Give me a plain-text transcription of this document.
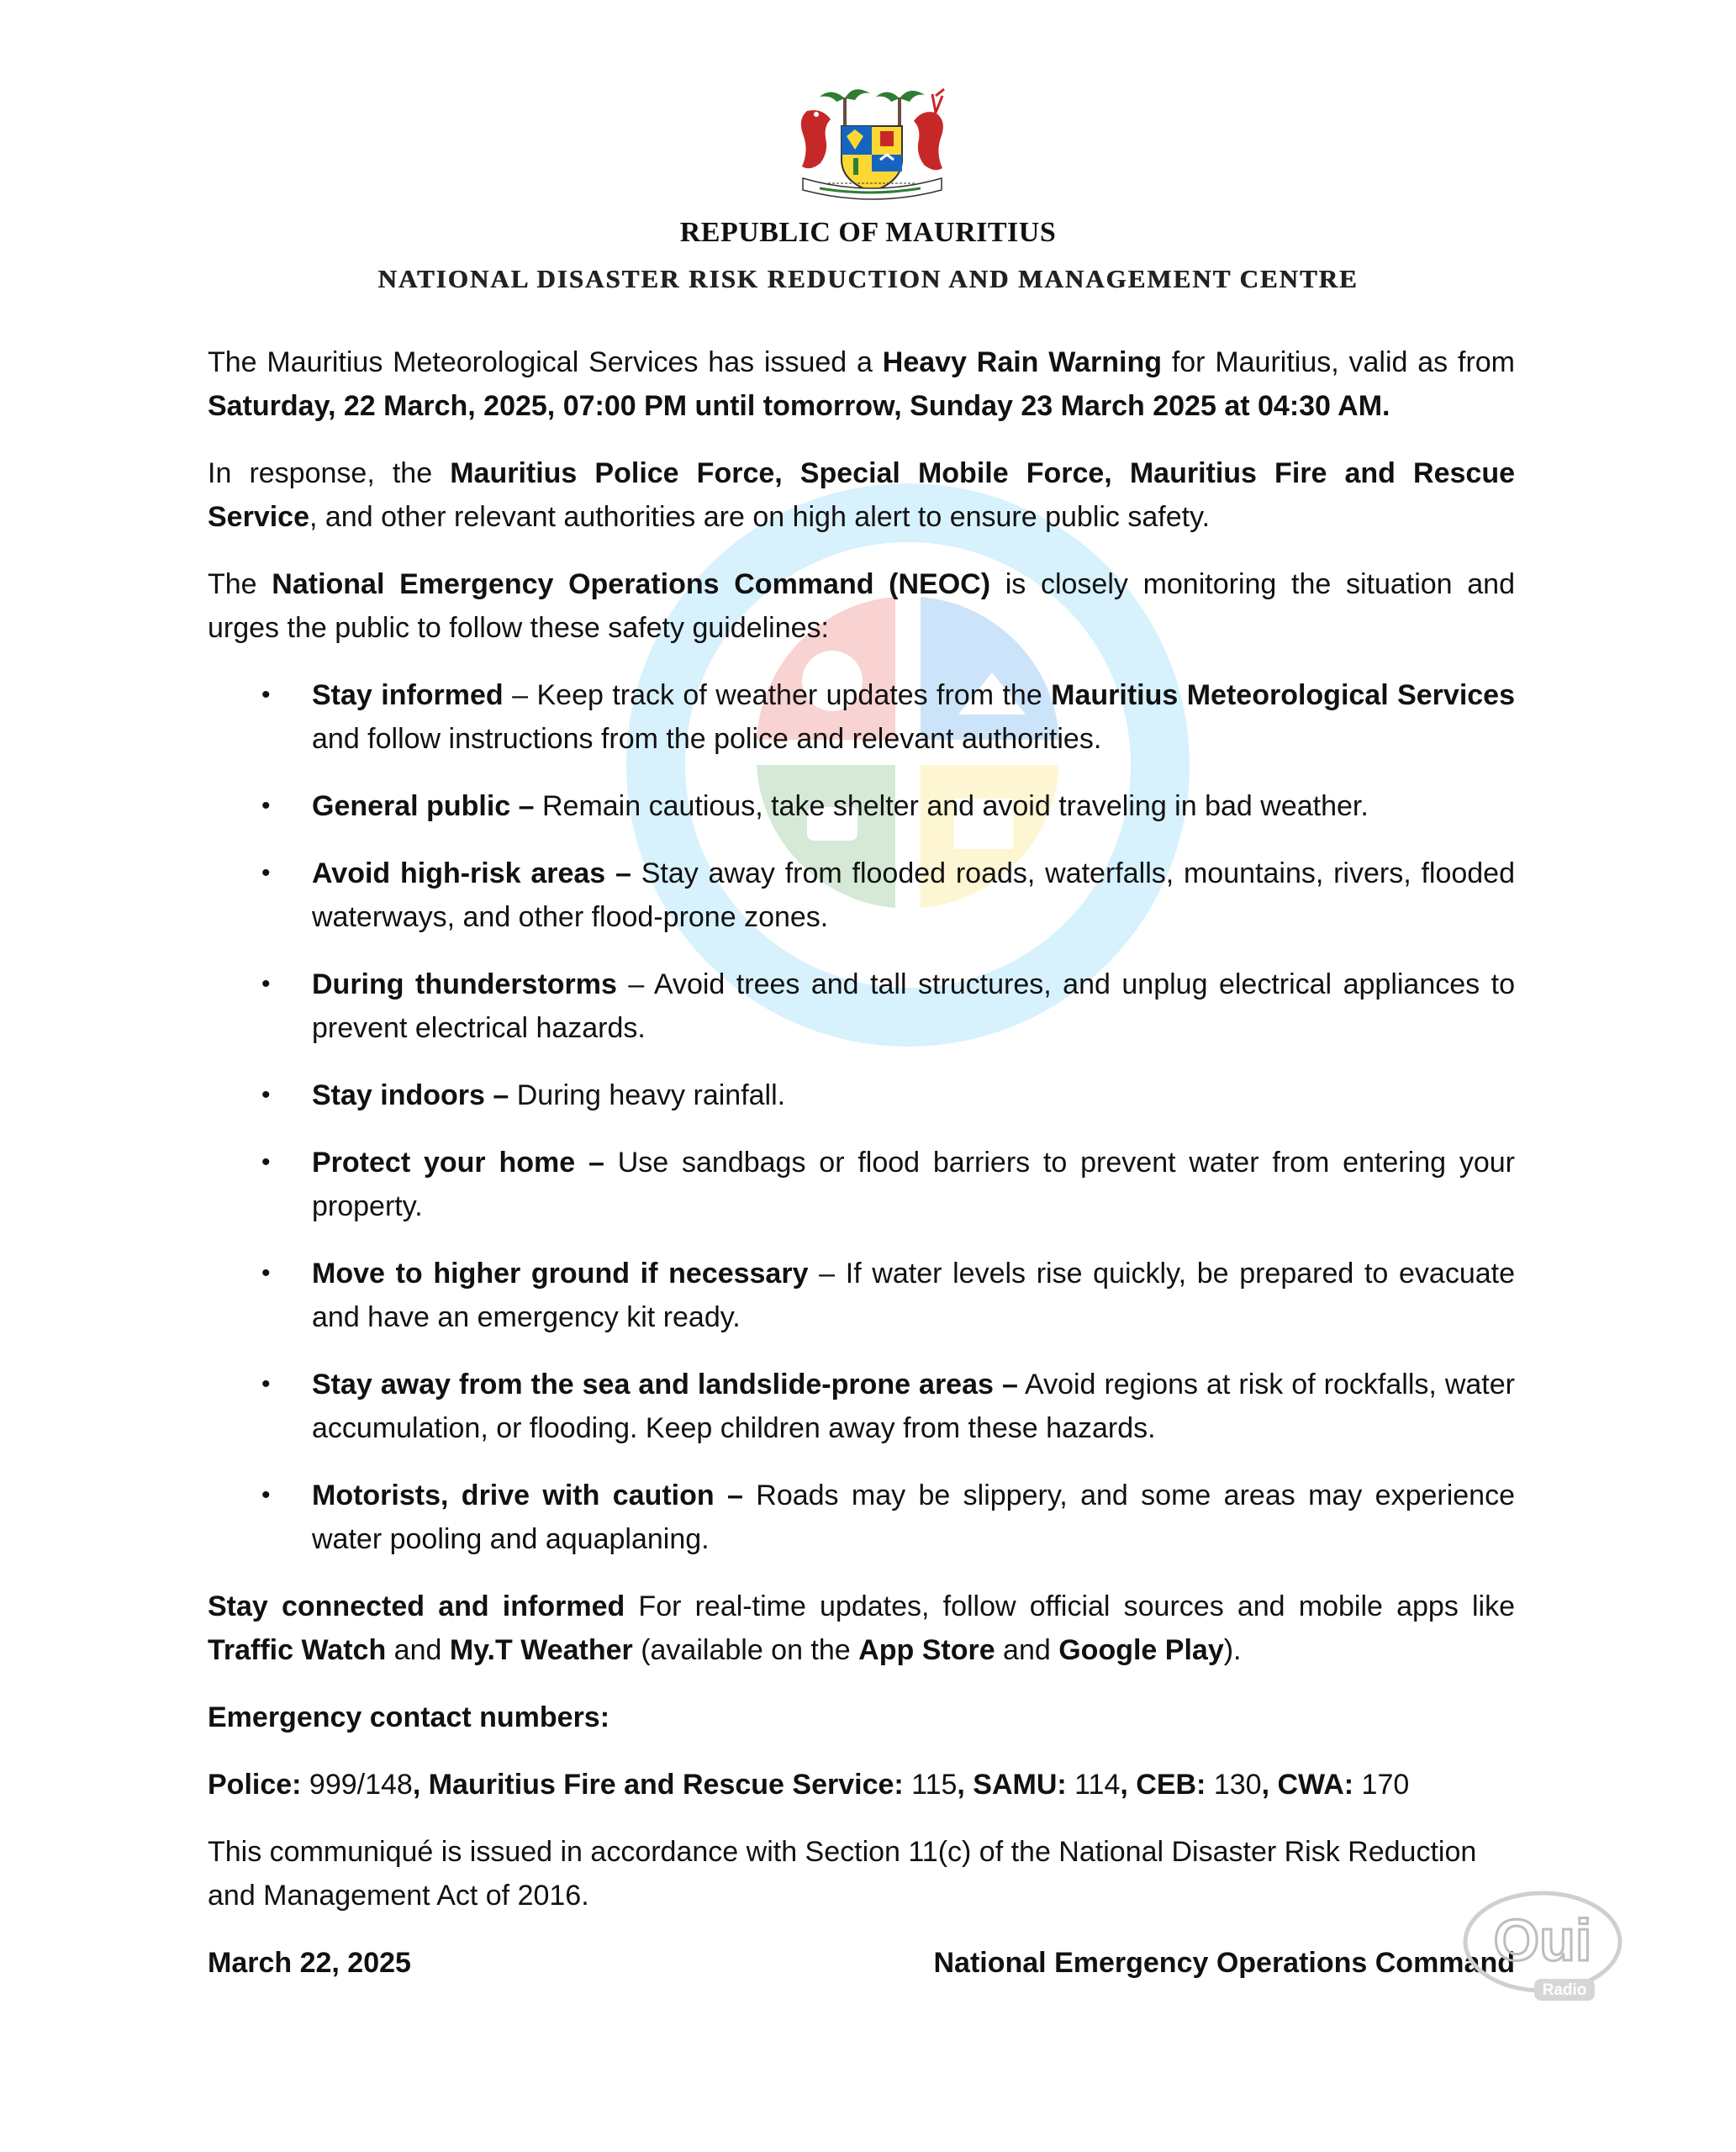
REPUBLIC OF MAURITIUS
NATIONAL DISASTER RISK REDUCTION AND MANAGEMENT CENTRE

The Mauritius Meteorological Services has issued a Heavy Rain Warning for Mauritius, valid as from Saturday, 22 March, 2025, 07:00 PM until tomorrow, Sunday 23 March 2025 at 04:30 AM.

In response, the Mauritius Police Force, Special Mobile Force, Mauritius Fire and Rescue Service, and other relevant authorities are on high alert to ensure public safety.

The National Emergency Operations Command (NEOC) is closely monitoring the situation and urges the public to follow these safety guidelines:

• Stay informed – Keep track of weather updates from the Mauritius Meteorological Services and follow instructions from the police and relevant authorities.
• General public – Remain cautious, take shelter and avoid traveling in bad weather.
• Avoid high-risk areas – Stay away from flooded roads, waterfalls, mountains, rivers, flooded waterways, and other flood-prone zones.
• During thunderstorms – Avoid trees and tall structures, and unplug electrical appliances to prevent electrical hazards.
• Stay indoors – During heavy rainfall.
• Protect your home – Use sandbags or flood barriers to prevent water from entering your property.
• Move to higher ground if necessary – If water levels rise quickly, be prepared to evacuate and have an emergency kit ready.
• Stay away from the sea and landslide-prone areas – Avoid regions at risk of rockfalls, water accumulation, or flooding. Keep children away from these hazards.
• Motorists, drive with caution – Roads may be slippery, and some areas may experience water pooling and aquaplaning.

Stay connected and informed For real-time updates, follow official sources and mobile apps like Traffic Watch and My.T Weather (available on the App Store and Google Play).

Emergency contact numbers:

Police: 999/148, Mauritius Fire and Rescue Service: 115, SAMU: 114, CEB: 130, CWA: 170

This communiqué is issued in accordance with Section 11(c) of the National Disaster Risk Reduction and Management Act of 2016.

March 22, 2025	National Emergency Operations Command
Oui
Radio
